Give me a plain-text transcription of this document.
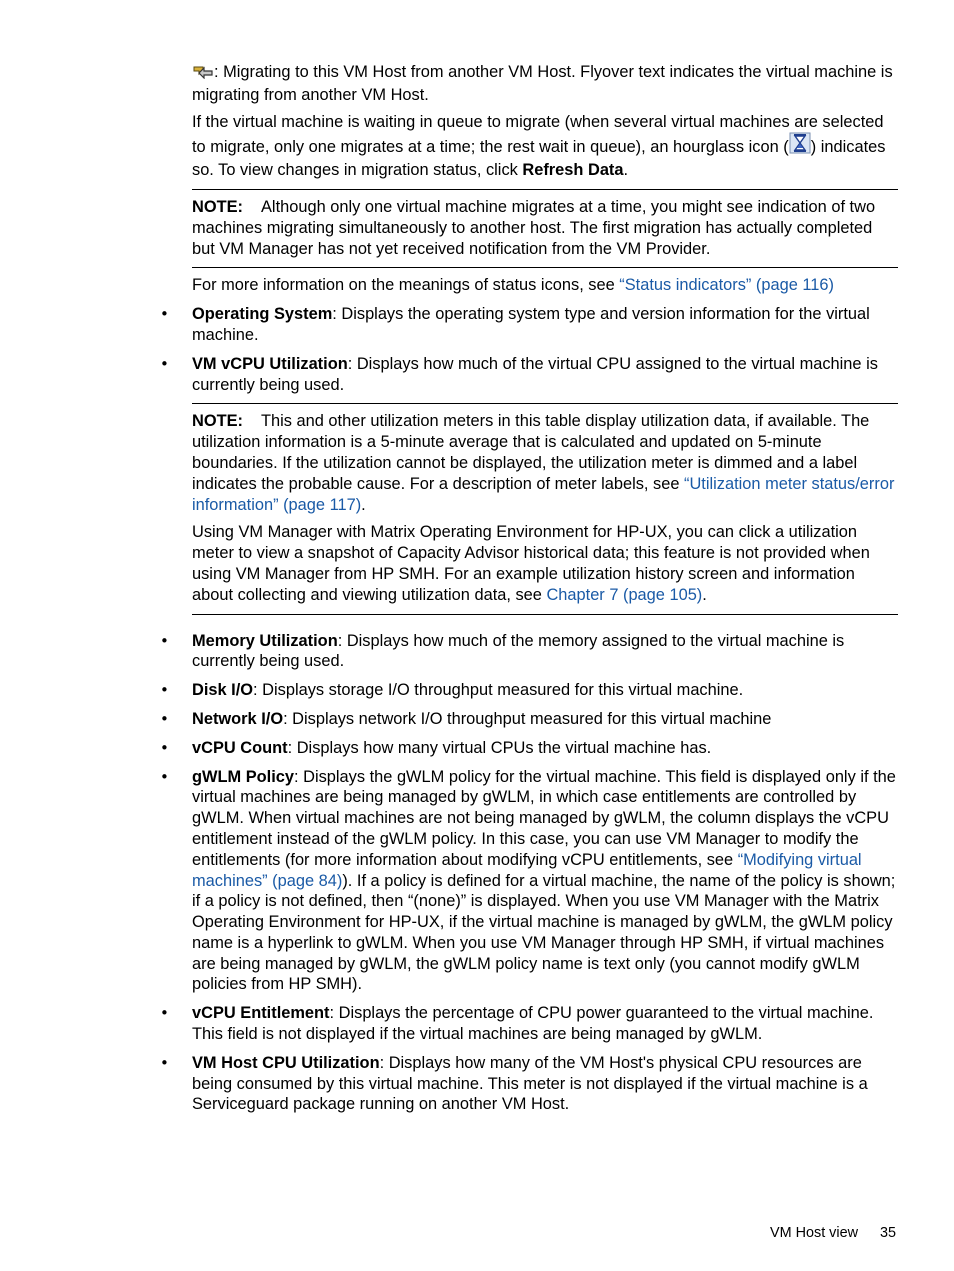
: Migrating to this VM Host from another VM Host. Flyover text indicates the virtual machine is migrating from another VM Host.

If the virtual machine is waiting in queue to migrate (when several virtual machines are selected to migrate, only one migrates at a time; the rest wait in queue), an hourglass icon ( ) indicates so. To view changes in migration status, click Refresh Data.

NOTE: Although only one virtual machine migrates at a time, you might see indication of two machines migrating simultaneously to another host. The first migration has actually completed but VM Manager has not yet received notification from the VM Provider.

For more information on the meanings of status icons, see “Status indicators” (page 116)

• Operating System: Displays the operating system type and version information for the virtual machine.
• VM vCPU Utilization: Displays how much of the virtual CPU assigned to the virtual machine is currently being used.

NOTE: This and other utilization meters in this table display utilization data, if available. The utilization information is a 5-minute average that is calculated and updated on 5-minute boundaries. If the utilization cannot be displayed, the utilization meter is dimmed and a label indicates the probable cause. For a description of meter labels, see “Utilization meter status/error information” (page 117).

Using VM Manager with Matrix Operating Environment for HP-UX, you can click a utilization meter to view a snapshot of Capacity Advisor historical data; this feature is not provided when using VM Manager from HP SMH. For an example utilization history screen and information about collecting and viewing utilization data, see Chapter 7 (page 105).

• Memory Utilization: Displays how much of the memory assigned to the virtual machine is currently being used.
• Disk I/O: Displays storage I/O throughput measured for this virtual machine.
• Network I/O: Displays network I/O throughput measured for this virtual machine
• vCPU Count: Displays how many virtual CPUs the virtual machine has.
• gWLM Policy: Displays the gWLM policy for the virtual machine. This field is displayed only if the virtual machines are being managed by gWLM, in which case entitlements are controlled by gWLM. When virtual machines are not being managed by gWLM, the column displays the vCPU entitlement instead of the gWLM policy. In this case, you can use VM Manager to modify the entitlements (for more information about modifying vCPU entitlements, see “Modifying virtual machines” (page 84)). If a policy is defined for a virtual machine, the name of the policy is shown; if a policy is not defined, then “(none)” is displayed. When you use VM Manager with the Matrix Operating Environment for HP-UX, if the virtual machine is managed by gWLM, the gWLM policy name is a hyperlink to gWLM. When you use VM Manager through HP SMH, if virtual machines are being managed by gWLM, the gWLM policy name is text only (you cannot modify gWLM policies from HP SMH).
• vCPU Entitlement: Displays the percentage of CPU power guaranteed to the virtual machine. This field is not displayed if the virtual machines are being managed by gWLM.
• VM Host CPU Utilization: Displays how many of the VM Host's physical CPU resources are being consumed by this virtual machine. This meter is not displayed if the virtual machine is a Serviceguard package running on another VM Host.
VM Host view 35
